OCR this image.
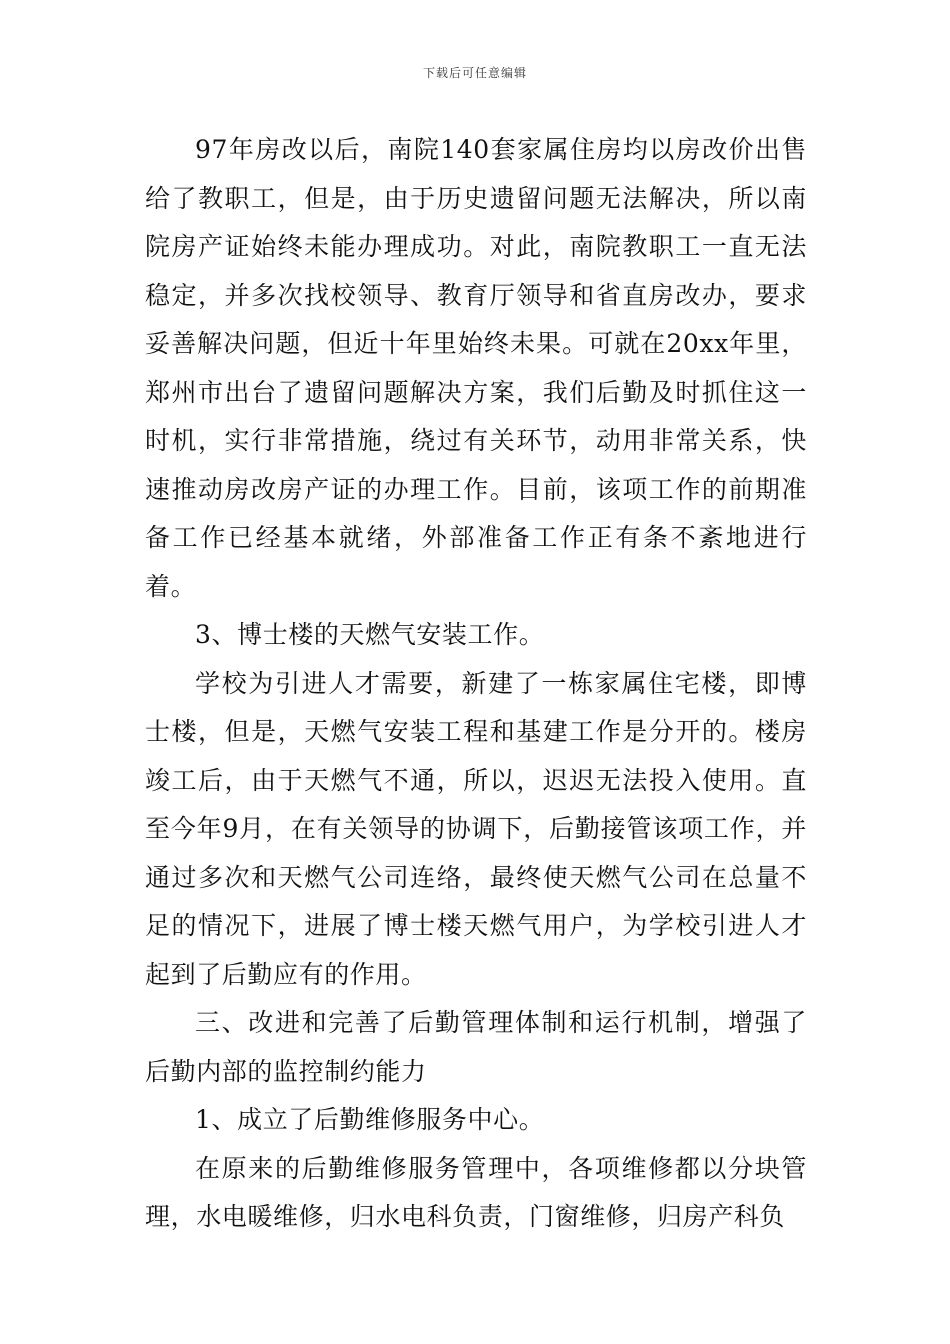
下载后可任意编辑

97年房改以后，南院140套家属住房均以房改价出售给了教职工，但是，由于历史遗留问题无法解决，所以南院房产证始终未能办理成功。对此，南院教职工一直无法稳定，并多次找校领导、教育厅领导和省直房改办，要求妥善解决问题，但近十年里始终未果。可就在20xx年里，郑州市出台了遗留问题解决方案，我们后勤及时抓住这一时机，实行非常措施，绕过有关环节，动用非常关系，快速推动房改房产证的办理工作。目前，该项工作的前期准备工作已经基本就绪，外部准备工作正有条不紊地进行着。

3、博士楼的天燃气安装工作。

学校为引进人才需要，新建了一栋家属住宅楼，即博士楼，但是，天燃气安装工程和基建工作是分开的。楼房竣工后，由于天燃气不通，所以，迟迟无法投入使用。直至今年9月，在有关领导的协调下，后勤接管该项工作，并通过多次和天燃气公司连络，最终使天燃气公司在总量不足的情况下，进展了博士楼天燃气用户，为学校引进人才起到了后勤应有的作用。

三、改进和完善了后勤管理体制和运行机制，增强了后勤内部的监控制约能力

1、成立了后勤维修服务中心。

在原来的后勤维修服务管理中，各项维修都以分块管理，水电暖维修，归水电科负责，门窗维修，归房产科负
